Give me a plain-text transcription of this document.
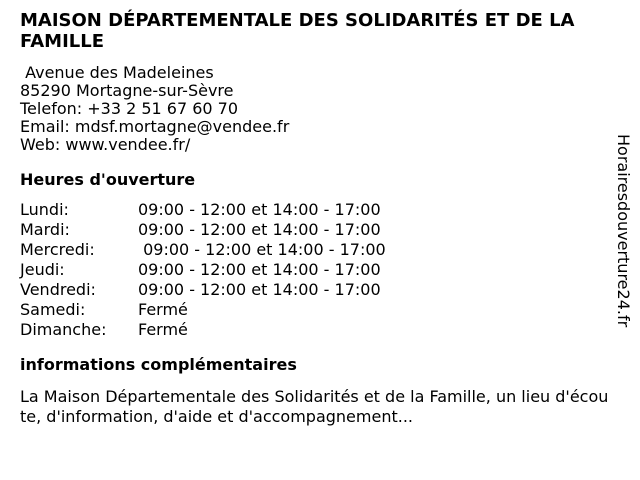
MAISON DÉPARTEMENTALE DES SOLIDARITÉS ET DE LA FAMILLE
Avenue des Madeleines
85290 Mortagne-sur-Sèvre
Telefon: +33 2 51 67 60 70
Email: mdsf.mortagne@vendee.fr
Web: www.vendee.fr/
Heures d'ouverture
Lundi:	09:00 - 12:00 et 14:00 - 17:00
Mardi:	09:00 - 12:00 et 14:00 - 17:00
Mercredi:	09:00 - 12:00 et 14:00 - 17:00
Jeudi:	09:00 - 12:00 et 14:00 - 17:00
Vendredi:	09:00 - 12:00 et 14:00 - 17:00
Samedi:	Fermé
Dimanche:	Fermé
informations complémentaires
La Maison Départementale des Solidarités et de la Famille, un lieu d'écoute, d'information, d'aide et d'accompagnement...
Horairesdouverture24.fr
